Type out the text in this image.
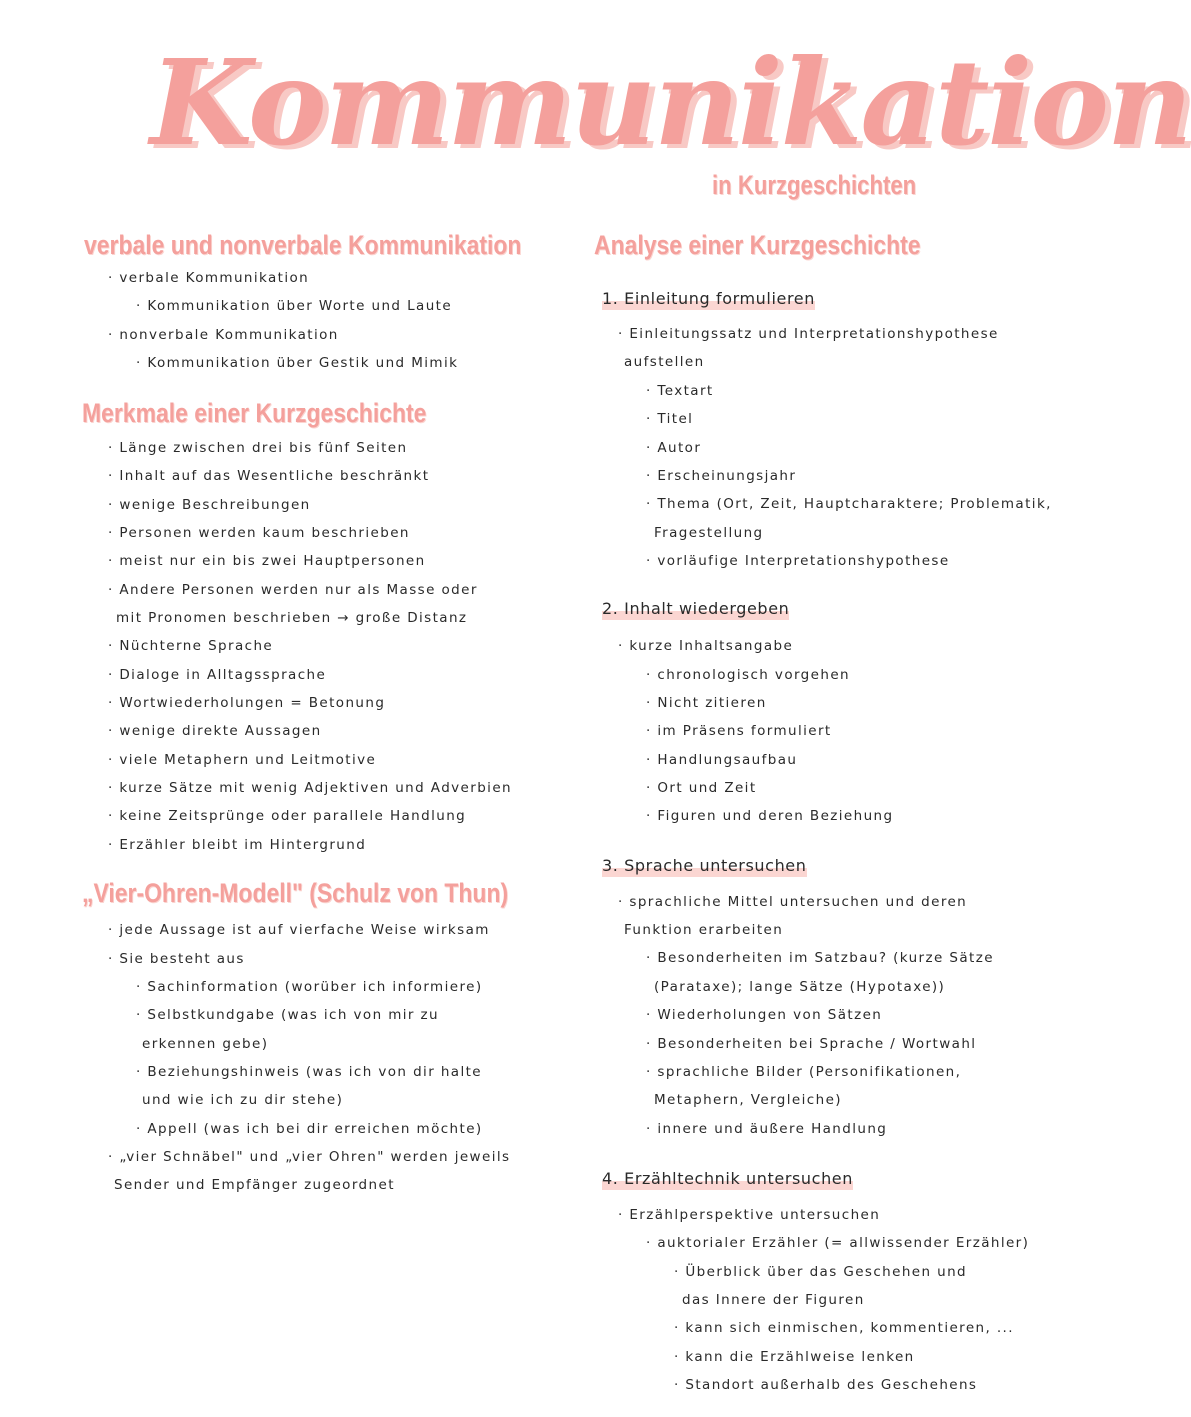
Kommunikation
in Kurzgeschichten
verbale und nonverbale Kommunikation
· verbale Kommunikation
· Kommunikation über Worte und Laute
· nonverbale Kommunikation
· Kommunikation über Gestik und Mimik
Merkmale einer Kurzgeschichte
· Länge zwischen drei bis fünf Seiten
· Inhalt auf das Wesentliche beschränkt
· wenige Beschreibungen
· Personen werden kaum beschrieben
· meist nur ein bis zwei Hauptpersonen
· Andere Personen werden nur als Masse oder
mit Pronomen beschrieben → große Distanz
· Nüchterne Sprache
· Dialoge in Alltagssprache
· Wortwiederholungen = Betonung
· wenige direkte Aussagen
· viele Metaphern und Leitmotive
· kurze Sätze mit wenig Adjektiven und Adverbien
· keine Zeitsprünge oder parallele Handlung
· Erzähler bleibt im Hintergrund
„Vier-Ohren-Modell" (Schulz von Thun)
· jede Aussage ist auf vierfache Weise wirksam
· Sie besteht aus
· Sachinformation (worüber ich informiere)
· Selbstkundgabe (was ich von mir zu
erkennen gebe)
· Beziehungshinweis (was ich von dir halte
und wie ich zu dir stehe)
· Appell (was ich bei dir erreichen möchte)
· „vier Schnäbel" und „vier Ohren" werden jeweils
Sender und Empfänger zugeordnet
Analyse einer Kurzgeschichte
1. Einleitung formulieren
· Einleitungssatz und Interpretationshypothese
aufstellen
· Textart
· Titel
· Autor
· Erscheinungsjahr
· Thema (Ort, Zeit, Hauptcharaktere; Problematik,
Fragestellung
· vorläufige Interpretationshypothese
2. Inhalt wiedergeben
· kurze Inhaltsangabe
· chronologisch vorgehen
· Nicht zitieren
· im Präsens formuliert
· Handlungsaufbau
· Ort und Zeit
· Figuren und deren Beziehung
3. Sprache untersuchen
· sprachliche Mittel untersuchen und deren
Funktion erarbeiten
· Besonderheiten im Satzbau? (kurze Sätze
(Parataxe); lange Sätze (Hypotaxe))
· Wiederholungen von Sätzen
· Besonderheiten bei Sprache / Wortwahl
· sprachliche Bilder (Personifikationen,
Metaphern, Vergleiche)
· innere und äußere Handlung
4. Erzähltechnik untersuchen
· Erzählperspektive untersuchen
· auktorialer Erzähler (= allwissender Erzähler)
· Überblick über das Geschehen und
das Innere der Figuren
· kann sich einmischen, kommentieren, ...
· kann die Erzählweise lenken
· Standort außerhalb des Geschehens
